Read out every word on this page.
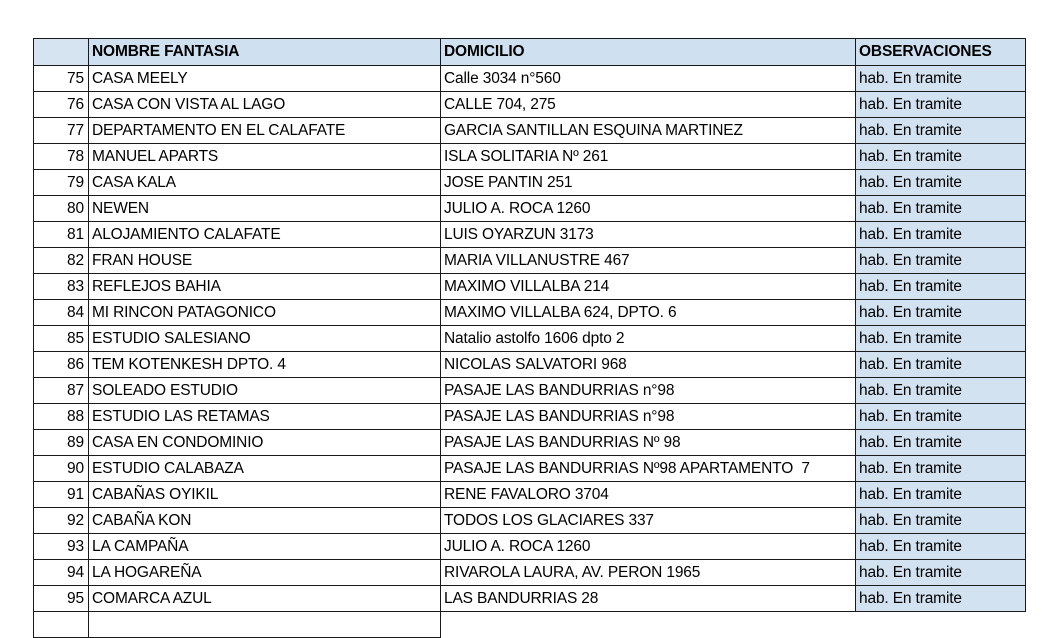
	NOMBRE FANTASIA	DOMICILIO	OBSERVACIONES
75	CASA MEELY	Calle 3034 n°560	hab. En tramite
76	CASA CON VISTA AL LAGO	CALLE 704, 275	hab. En tramite
77	DEPARTAMENTO EN EL CALAFATE	GARCIA SANTILLAN ESQUINA MARTINEZ	hab. En tramite
78	MANUEL APARTS	ISLA SOLITARIA Nº 261	hab. En tramite
79	CASA KALA	JOSE PANTIN 251	hab. En tramite
80	NEWEN	JULIO A. ROCA 1260	hab. En tramite
81	ALOJAMIENTO CALAFATE	LUIS OYARZUN 3173	hab. En tramite
82	FRAN HOUSE	MARIA VILLANUSTRE 467	hab. En tramite
83	REFLEJOS BAHIA	MAXIMO VILLALBA 214	hab. En tramite
84	MI RINCON PATAGONICO	MAXIMO VILLALBA 624, DPTO. 6	hab. En tramite
85	ESTUDIO SALESIANO	Natalio astolfo 1606 dpto 2	hab. En tramite
86	TEM KOTENKESH DPTO. 4	NICOLAS SALVATORI 968	hab. En tramite
87	SOLEADO ESTUDIO	PASAJE LAS BANDURRIAS n°98	hab. En tramite
88	ESTUDIO LAS RETAMAS	PASAJE LAS BANDURRIAS n°98	hab. En tramite
89	CASA EN CONDOMINIO	PASAJE LAS BANDURRIAS Nº 98	hab. En tramite
90	ESTUDIO CALABAZA	PASAJE LAS BANDURRIAS Nº98 APARTAMENTO  7	hab. En tramite
91	CABAÑAS OYIKIL	RENE FAVALORO 3704	hab. En tramite
92	CABAÑA KON	TODOS LOS GLACIARES 337	hab. En tramite
93	LA CAMPAÑA	JULIO A. ROCA 1260	hab. En tramite
94	LA HOGAREÑA	RIVAROLA LAURA, AV. PERON 1965	hab. En tramite
95	COMARCA AZUL	LAS BANDURRIAS 28	hab. En tramite
